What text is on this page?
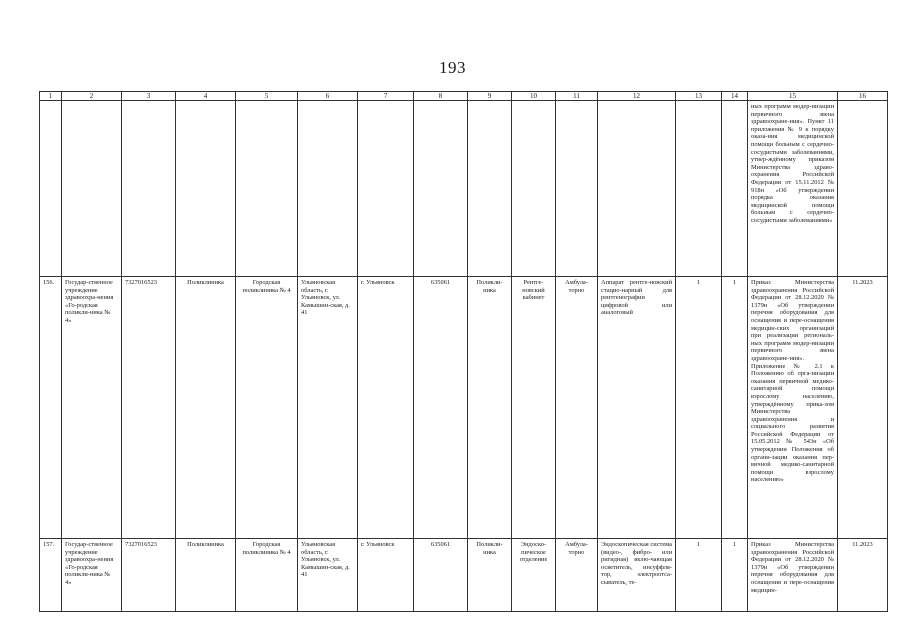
193
1	2	3	4	5	6	7	8	9	10	11	12	13	14	15	16
														ных программ модер-низации первичного звена здравоохране-ния». Пункт 11 приложения № 9 к порядку оказа-ния медицинской помощи больным с сердечно-сосудистыми заболеваниями, утвер-ждённому приказом Министерства здраво-охранения Российской Федерации от 15.11.2012 № 918н «Об утверждении порядка оказания медицинской помощи больным с сердечно-сосудистыми заболеваниями»	
156.	Государ-ственное учреждение здравоохра-нения «Го-родская поликли-ника № 4»	7327016523	Поликлиника	Городская поликлиника № 4	Ульяновская область, г. Ульяновск, ул. Камышин-ская, д. 41	г. Ульяновск	635061	Поликли-ника	Рентге-новский кабинет	Амбула-торно	Аппарат рентге-новский стацио-нарный для рентгенографии цифровой или аналоговый	1	1	Приказ Министерства здравоохранения Российской Федерации от 28.12.2020 № 1379н «Об утверждении перечня оборудования для оснащения и пере-оснащения медицин-ских организаций при реализации региональ-ных программ модер-низации первичного звена здравоохране-ния». Приложение № 2.1 к Положению об орга-низации оказания первичной медико-санитарной помощи взрослому населению, утверждённому прика-зом Министерства здравоохранения и социального развития Российской Федерации от 15.05.2012 № 543н «Об утверждении Положения об органи-зации оказания пер-вичной медико-санитарной помощи взрослому населению»	11.2023
157.	Государ-ственное учреждение здравоохра-нения «Го-родская поликли-ника № 4»	7327016523	Поликлиника	Городская поликлиника № 4	Ульяновская область, г. Ульяновск, ул. Камышин-ская, д. 41	г. Ульяновск	635061	Поликли-ника	Эндоско-пическое отделение	Амбула-торно	Эндоскопическая система (видео-, фибро- или ригидная) вклю-чающая осветитель, инсуффля-тор, электроотса-сыватель, те-	1	1	Приказ Министерства здравоохранения Российской Федерации от 28.12.2020 № 1379н «Об утверждении перечня оборудования для оснащения и пере-оснащения медицин-	11.2023
